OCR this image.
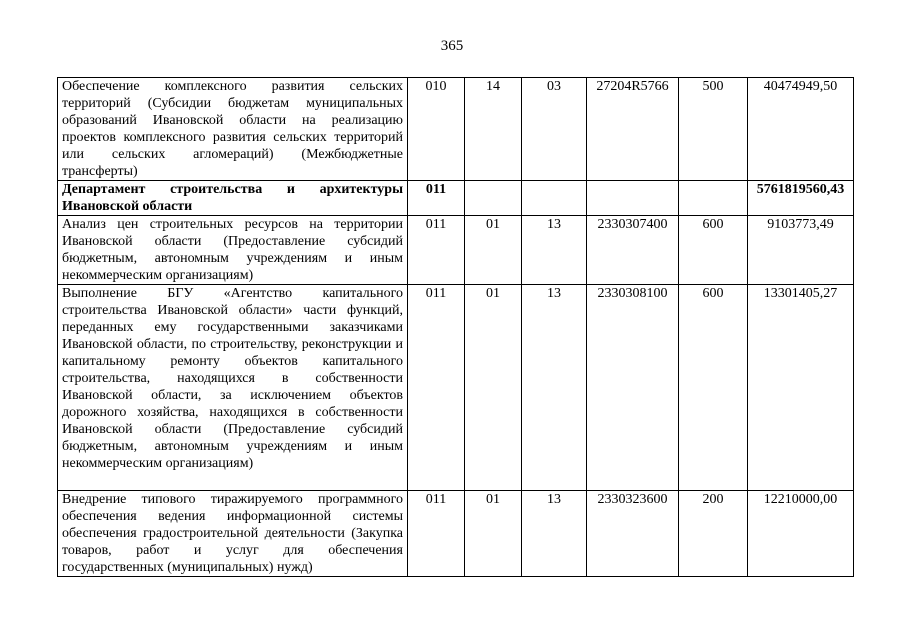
365
Обеспечение комплексного развития сельских территорий (Субсидии бюджетам муниципальных образований Ивановской области на реализацию проектов комплексного развития сельских территорий или сельских агломераций) (Межбюджетные трансферты)	010	14	03	27204R5766	500	40474949,50
Департамент строительства и архитектуры Ивановской области	011					5761819560,43
Анализ цен строительных ресурсов на территории Ивановской области (Предоставление субсидий бюджетным, автономным учреждениям и иным некоммерческим организациям)	011	01	13	2330307400	600	9103773,49
Выполнение БГУ «Агентство капитального строительства Ивановской области» части функций, переданных ему государственными заказчиками Ивановской области, по строительству, реконструкции и капитальному ремонту объектов капитального строительства, находящихся в собственности Ивановской области, за исключением объектов дорожного хозяйства, находящихся в собственности Ивановской области (Предоставление субсидий бюджетным, автономным учреждениям и иным некоммерческим организациям)	011	01	13	2330308100	600	13301405,27
Внедрение типового тиражируемого программного обеспечения ведения информационной системы обеспечения градостроительной деятельности (Закупка товаров, работ и услуг для обеспечения государственных (муниципальных) нужд)	011	01	13	2330323600	200	12210000,00
